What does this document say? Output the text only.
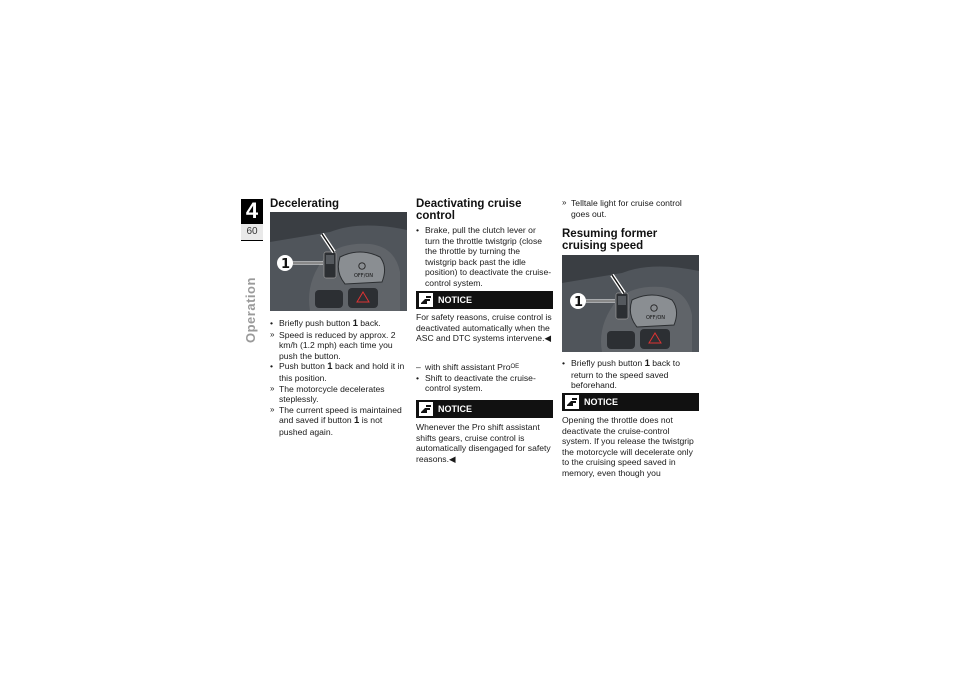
4
60
Operation
Decelerating
OFF/ON
1
• Briefly push button 1 back.
» Speed is reduced by approx. 2 km/h (1.2 mph) each time you push the button.
• Push button 1 back and hold it in this position.
» The motorcycle decelerates steplessly.
» The current speed is maintained and saved if button 1 is not pushed again.
Deactivating cruise control
• Brake, pull the clutch lever or turn the throttle twistgrip (close the throttle by turning the twistgrip back past the idle position) to deactivate the cruise-control system.
NOTICE
For safety reasons, cruise control is deactivated automatically when the ASC and DTC systems intervene.◀
– with shift assistant Pro$^{OE}$
• Shift to deactivate the cruise-control system.
NOTICE
Whenever the Pro shift assistant shifts gears, cruise control is automatically disengaged for safety reasons.◀
» Telltale light for cruise control goes out.
Resuming former cruising speed
OFF/ON
1
• Briefly push button 1 back to return to the speed saved beforehand.
NOTICE
Opening the throttle does not deactivate the cruise-control system. If you release the twistgrip the motorcycle will decelerate only to the cruising speed saved in memory, even though you
